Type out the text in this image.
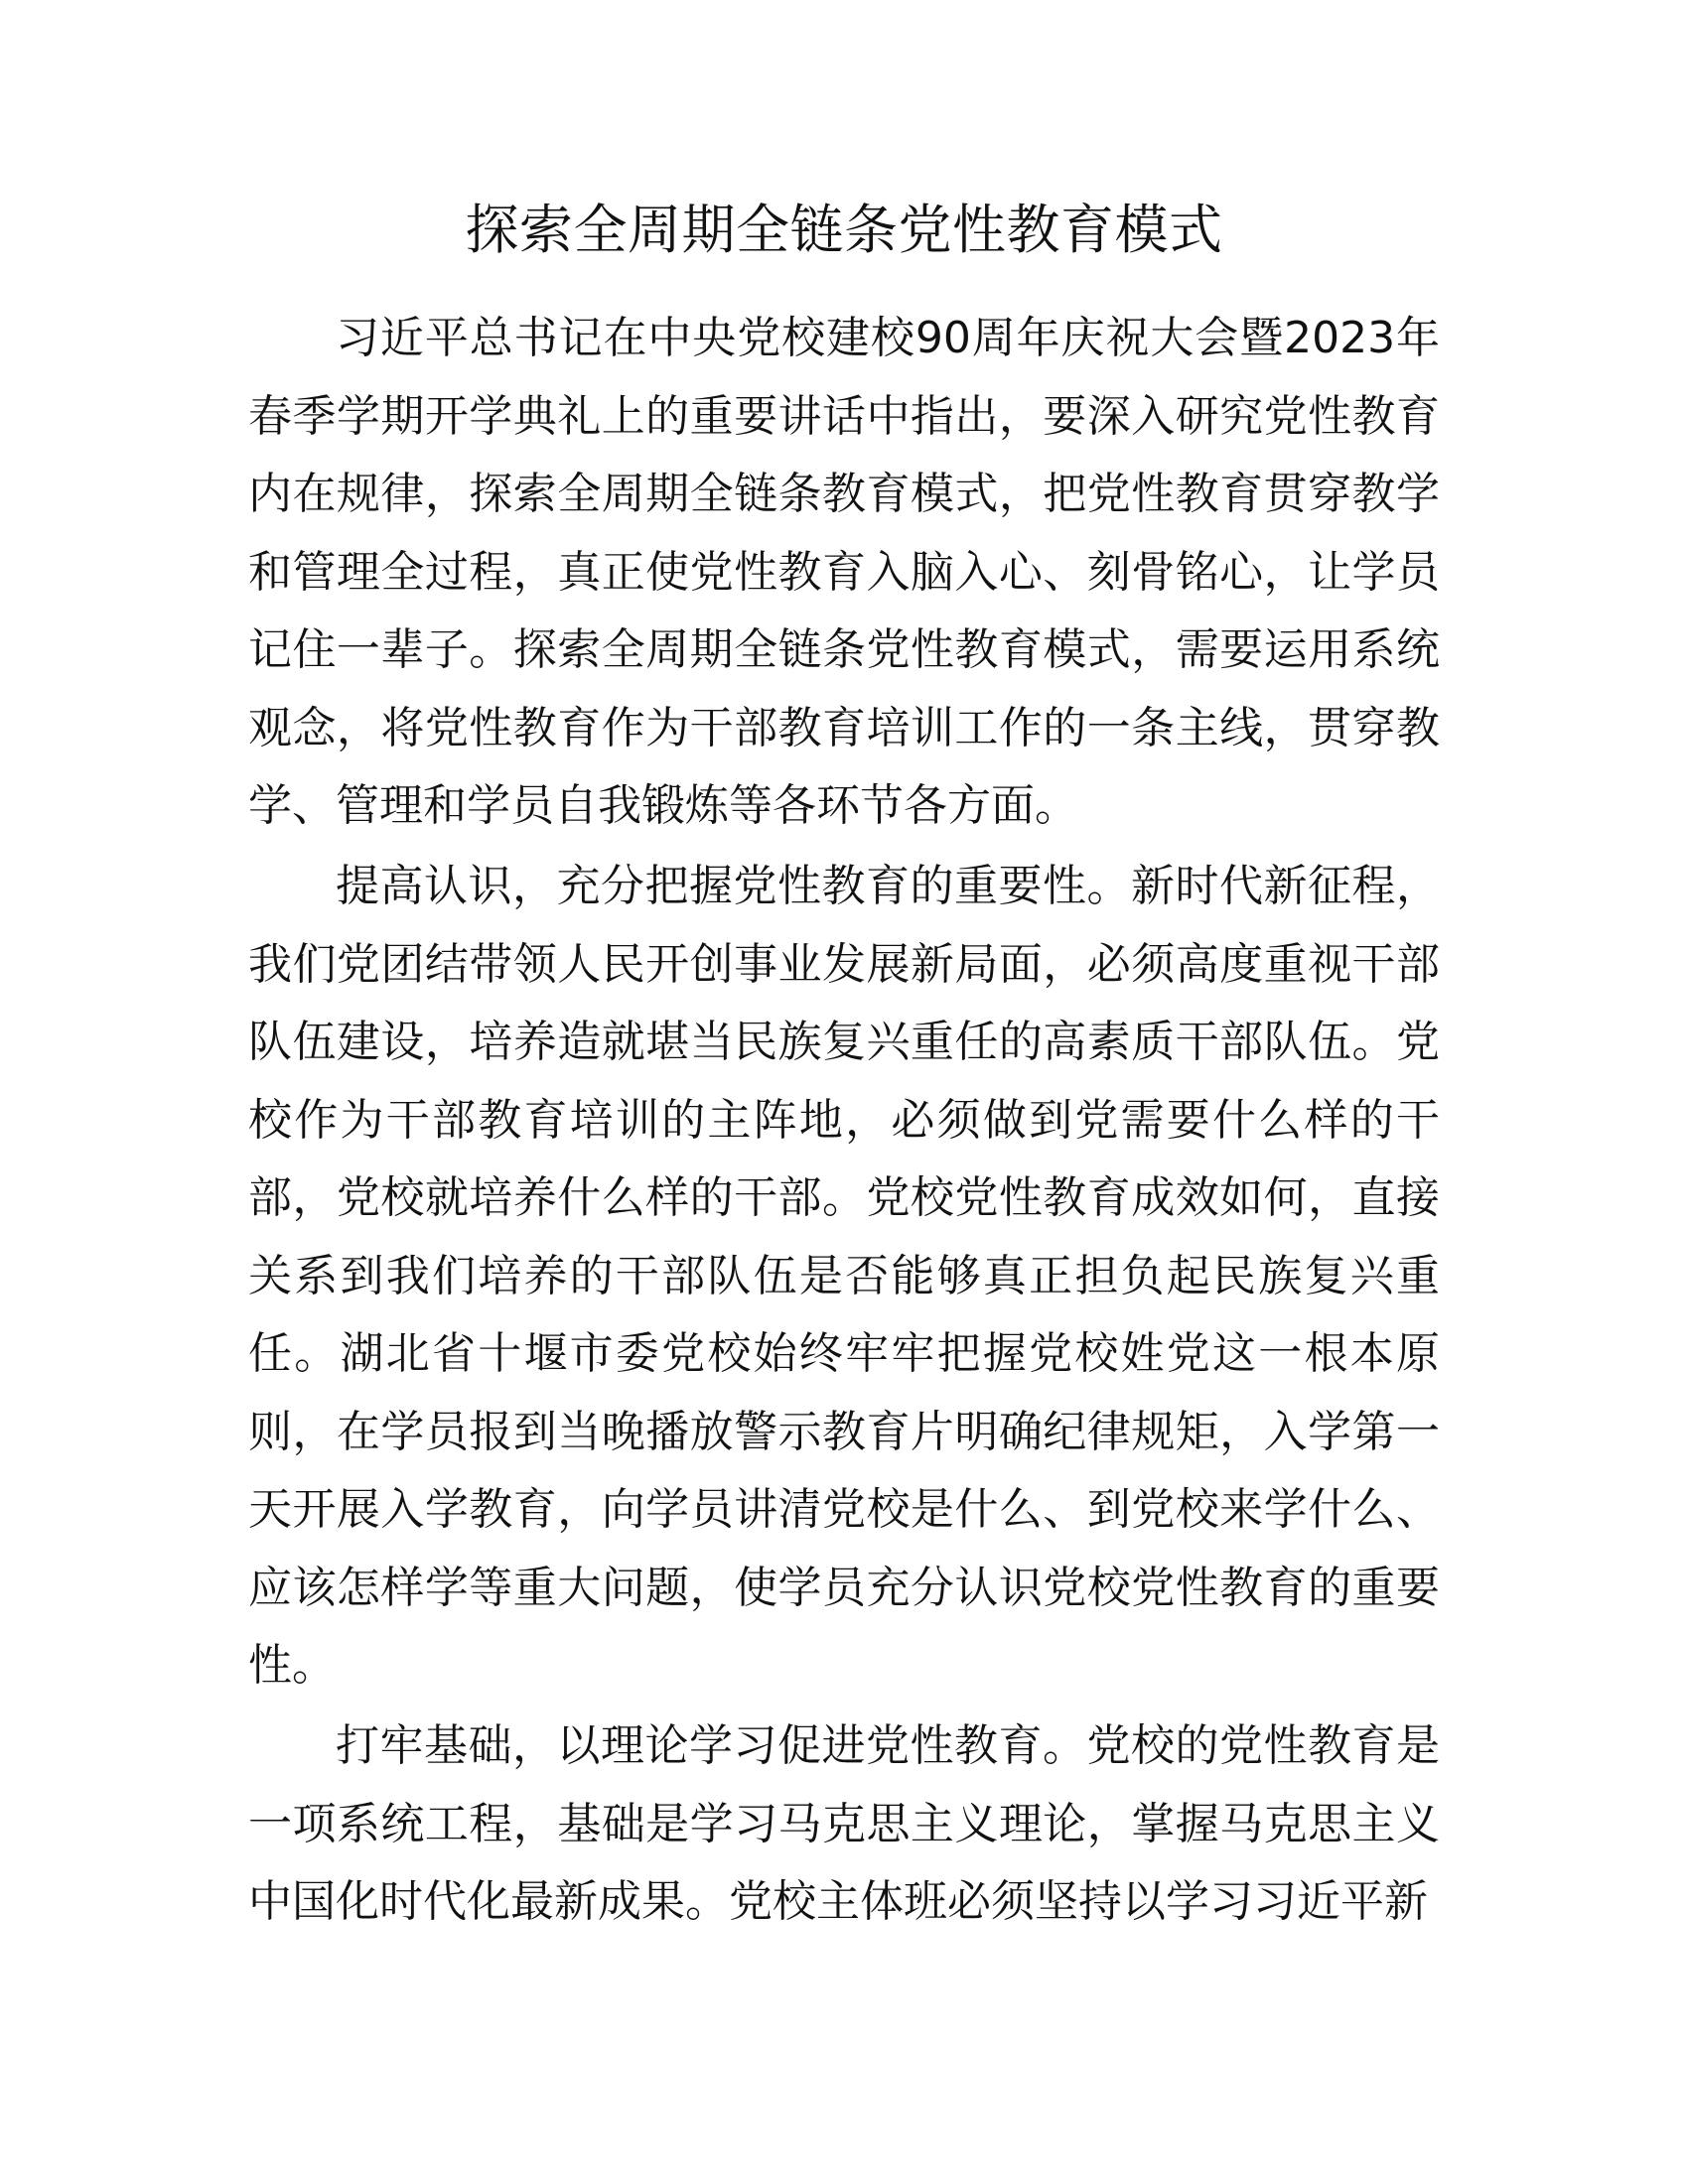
探索全周期全链条党性教育模式

习近平总书记在中央党校建校90周年庆祝大会暨2023年春季学期开学典礼上的重要讲话中指出，要深入研究党性教育内在规律，探索全周期全链条教育模式，把党性教育贯穿教学和管理全过程，真正使党性教育入脑入心、刻骨铭心，让学员记住一辈子。探索全周期全链条党性教育模式，需要运用系统观念，将党性教育作为干部教育培训工作的一条主线，贯穿教学、管理和学员自我锻炼等各环节各方面。

提高认识，充分把握党性教育的重要性。新时代新征程，我们党团结带领人民开创事业发展新局面，必须高度重视干部队伍建设，培养造就堪当民族复兴重任的高素质干部队伍。党校作为干部教育培训的主阵地，必须做到党需要什么样的干部，党校就培养什么样的干部。党校党性教育成效如何，直接关系到我们培养的干部队伍是否能够真正担负起民族复兴重任。湖北省十堰市委党校始终牢牢把握党校姓党这一根本原则，在学员报到当晚播放警示教育片明确纪律规矩，入学第一天开展入学教育，向学员讲清党校是什么、到党校来学什么、应该怎样学等重大问题，使学员充分认识党校党性教育的重要性。

打牢基础，以理论学习促进党性教育。党校的党性教育是一项系统工程，基础是学习马克思主义理论，掌握马克思主义中国化时代化最新成果。党校主体班必须坚持以学习习近平新
